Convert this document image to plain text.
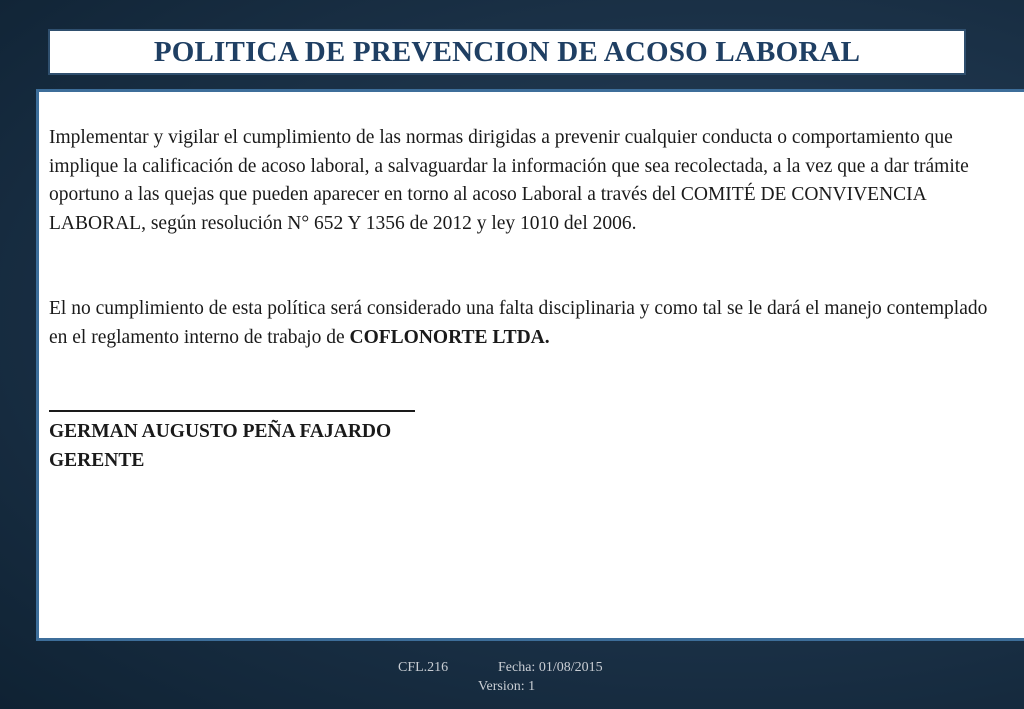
POLITICA DE PREVENCION DE ACOSO LABORAL

Implementar y vigilar el cumplimiento de las normas dirigidas a prevenir cualquier conducta o comportamiento que implique la calificación de acoso laboral, a salvaguardar la información que sea recolectada, a la vez que a dar trámite oportuno a las quejas que pueden aparecer en torno al acoso Laboral a través del COMITÉ DE CONVIVENCIA LABORAL, según resolución N° 652 Y 1356 de 2012 y ley 1010 del 2006.

El no cumplimiento de esta política será considerado una falta disciplinaria y como tal se le dará el manejo contemplado en el reglamento interno de trabajo de COFLONORTE LTDA.

GERMAN AUGUSTO PEÑA FAJARDO
GERENTE
CFL.216	Fecha: 01/08/2015
Version: 1
